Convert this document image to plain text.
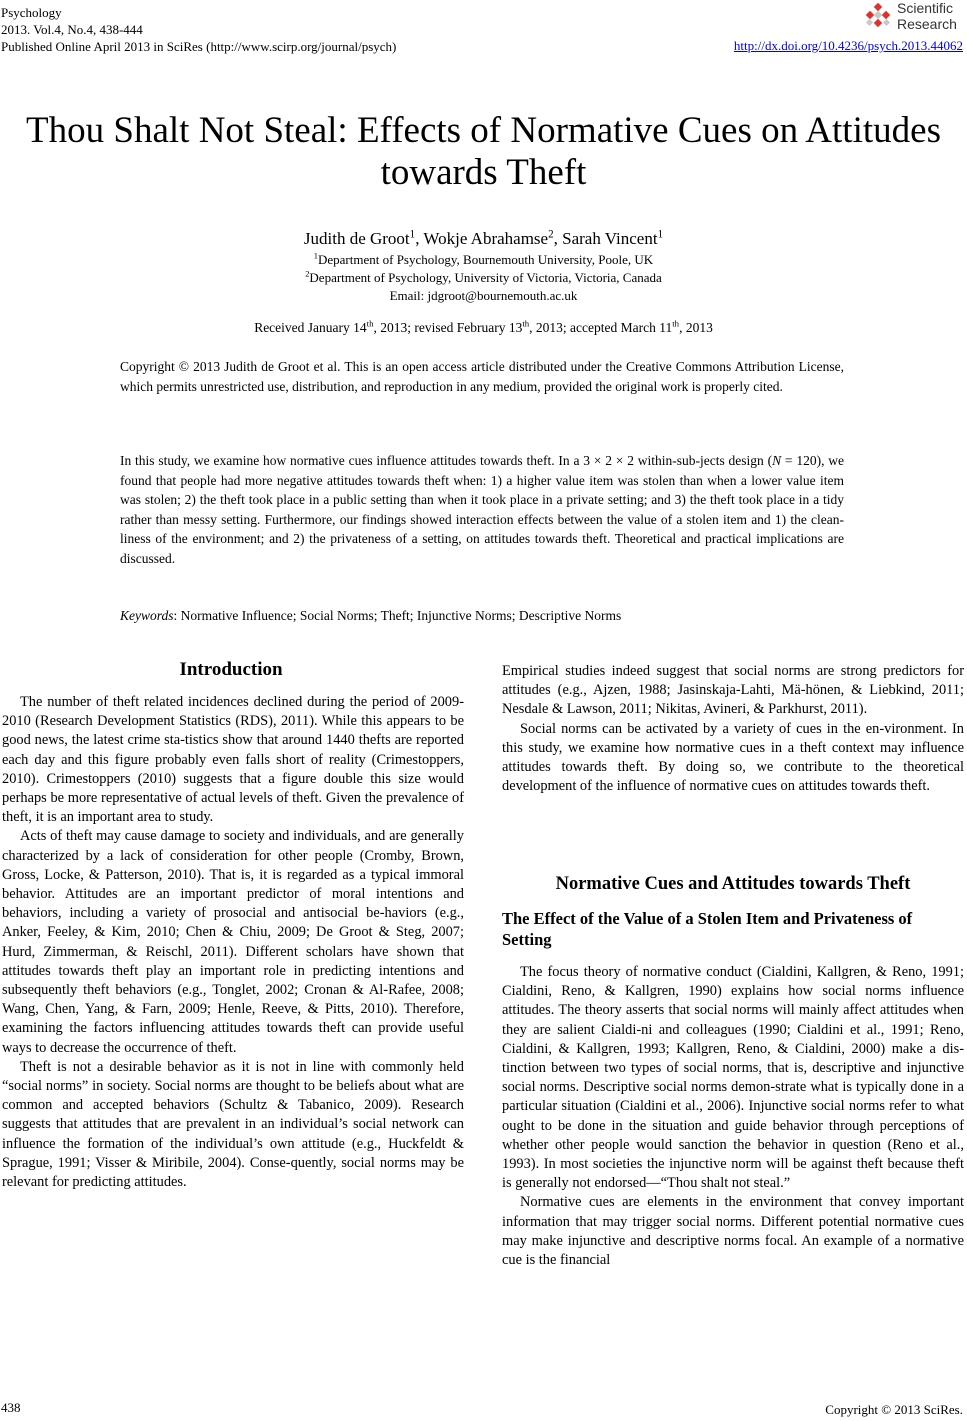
Psychology
2013. Vol.4, No.4, 438-444
Published Online April 2013 in SciRes (http://www.scirp.org/journal/psych)
Scientific
Research
http://dx.doi.org/10.4236/psych.2013.44062
Thou Shalt Not Steal: Effects of Normative Cues on Attitudes towards Theft
Judith de Groot$^1$, Wokje Abrahamse$^2$, Sarah Vincent$^1$
$^1$Department of Psychology, Bournemouth University, Poole, UK
$^2$Department of Psychology, University of Victoria, Victoria, Canada
Email: jdgroot@bournemouth.ac.uk
Received January 14th, 2013; revised February 13th, 2013; accepted March 11th, 2013
Copyright © 2013 Judith de Groot et al. This is an open access article distributed under the Creative Commons Attribution License, which permits unrestricted use, distribution, and reproduction in any medium, provided the original work is properly cited.
In this study, we examine how normative cues influence attitudes towards theft. In a 3 × 2 × 2 within-sub-jects design (N = 120), we found that people had more negative attitudes towards theft when: 1) a higher value item was stolen than when a lower value item was stolen; 2) the theft took place in a public setting than when it took place in a private setting; and 3) the theft took place in a tidy rather than messy setting. Furthermore, our findings showed interaction effects between the value of a stolen item and 1) the clean-liness of the environment; and 2) the privateness of a setting, on attitudes towards theft. Theoretical and practical implications are discussed.
Keywords: Normative Influence; Social Norms; Theft; Injunctive Norms; Descriptive Norms
Introduction

The number of theft related incidences declined during the period of 2009-2010 (Research Development Statistics (RDS), 2011). While this appears to be good news, the latest crime sta-tistics show that around 1440 thefts are reported each day and this figure probably even falls short of reality (Crimestoppers, 2010). Crimestoppers (2010) suggests that a figure double this size would perhaps be more representative of actual levels of theft. Given the prevalence of theft, it is an important area to study.

Acts of theft may cause damage to society and individuals, and are generally characterized by a lack of consideration for other people (Cromby, Brown, Gross, Locke, & Patterson, 2010). That is, it is regarded as a typical immoral behavior. Attitudes are an important predictor of moral intentions and behaviors, including a variety of prosocial and antisocial be-haviors (e.g., Anker, Feeley, & Kim, 2010; Chen & Chiu, 2009; De Groot & Steg, 2007; Hurd, Zimmerman, & Reischl, 2011). Different scholars have shown that attitudes towards theft play an important role in predicting intentions and subsequently theft behaviors (e.g., Tonglet, 2002; Cronan & Al-Rafee, 2008; Wang, Chen, Yang, & Farn, 2009; Henle, Reeve, & Pitts, 2010). Therefore, examining the factors influencing attitudes towards theft can provide useful ways to decrease the occurrence of theft.

Theft is not a desirable behavior as it is not in line with commonly held “social norms” in society. Social norms are thought to be beliefs about what are common and accepted behaviors (Schultz & Tabanico, 2009). Research suggests that attitudes that are prevalent in an individual’s social network can influence the formation of the individual’s own attitude (e.g., Huckfeldt & Sprague, 1991; Visser & Miribile, 2004). Conse-quently, social norms may be relevant for predicting attitudes.

Empirical studies indeed suggest that social norms are strong predictors for attitudes (e.g., Ajzen, 1988; Jasinskaja-Lahti, Mä-hönen, & Liebkind, 2011; Nesdale & Lawson, 2011; Nikitas, Avineri, & Parkhurst, 2011).

Social norms can be activated by a variety of cues in the en-vironment. In this study, we examine how normative cues in a theft context may influence attitudes towards theft. By doing so, we contribute to the theoretical development of the influence of normative cues on attitudes towards theft.

Normative Cues and Attitudes towards Theft
The Effect of the Value of a Stolen Item and Privateness of Setting

The focus theory of normative conduct (Cialdini, Kallgren, & Reno, 1991; Cialdini, Reno, & Kallgren, 1990) explains how social norms influence attitudes. The theory asserts that social norms will mainly affect attitudes when they are salient Cialdi-ni and colleagues (1990; Cialdini et al., 1991; Reno, Cialdini, & Kallgren, 1993; Kallgren, Reno, & Cialdini, 2000) make a dis-tinction between two types of social norms, that is, descriptive and injunctive social norms. Descriptive social norms demon-strate what is typically done in a particular situation (Cialdini et al., 2006). Injunctive social norms refer to what ought to be done in the situation and guide behavior through perceptions of whether other people would sanction the behavior in question (Reno et al., 1993). In most societies the injunctive norm will be against theft because theft is generally not endorsed—“Thou shalt not steal.”

Normative cues are elements in the environment that convey important information that may trigger social norms. Different potential normative cues may make injunctive and descriptive norms focal. An example of a normative cue is the financial

438	Copyright © 2013 SciRes.
